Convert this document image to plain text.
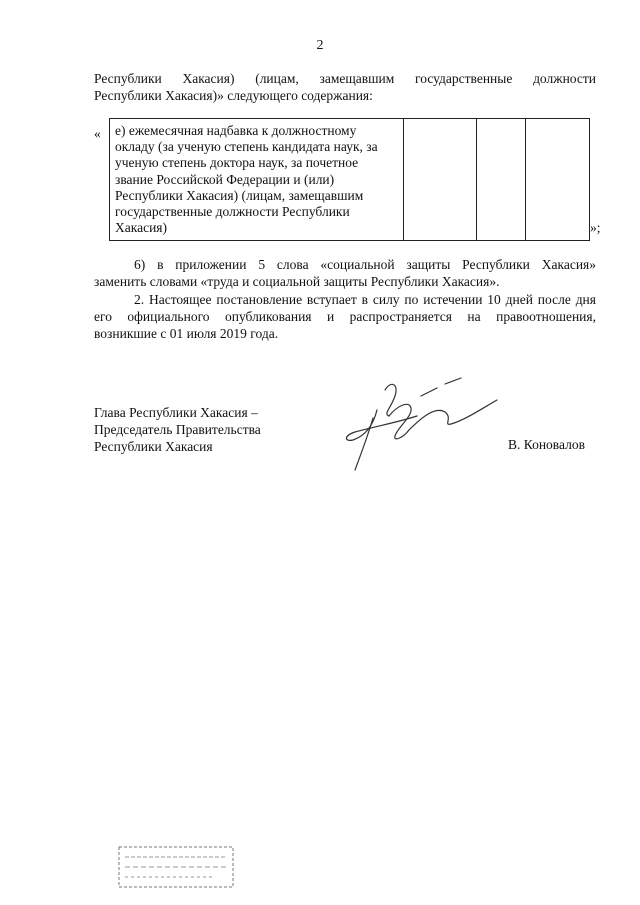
2
Республики Хакасия) (лицам, замещавшим государственные должности
Республики Хакасия)» следующего содержания:
« е) ежемесячная надбавка к должностному
окладу (за ученую степень кандидата наук, за
ученую степень доктора наук, за почетное
звание Российской Федерации и (или)
Республики Хакасия) (лицам, замещавшим
государственные должности Республики
Хакасия)
				»;
6) в приложении 5 слова «социальной защиты Республики Хакасия»
заменить словами «труда и социальной защиты Республики Хакасия».
2. Настоящее постановление вступает в силу по истечении 10 дней после дня
его официального опубликования и распространяется на правоотношения,
возникшие с 01 июля 2019 года.
Глава Республики Хакасия –
Председатель Правительства
Республики Хакасия	В. Коновалов
